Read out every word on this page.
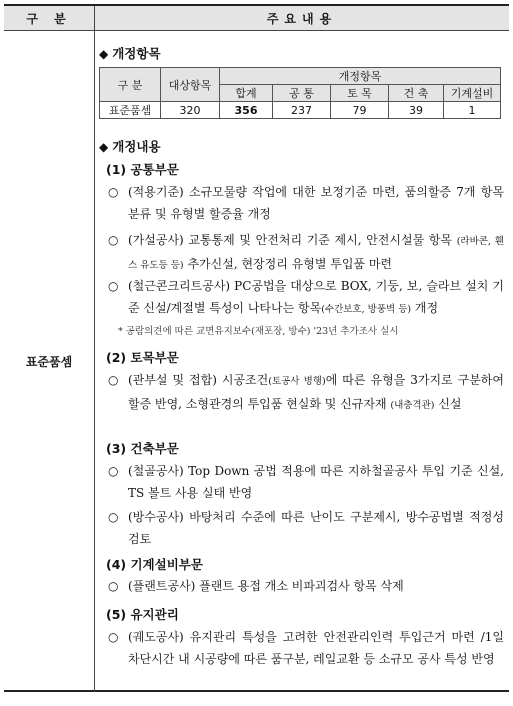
구 분	주요내용
표준품셈
◆ 개정항목
구 분	대상항목	개정항목				
		합계	공 통	토 목	건 축	기계설비
표준품셈	320	356	237	79	39	1
◆ 개정내용
(1) 공통부문
○ (적용기준) 소규모물량 작업에 대한 보정기준 마련, 품의할증 7개 항목 분류 및 유형별 할증율 개정
○ (가설공사) 교통통제 및 안전처리 기준 제시, 안전시설물 항목 (라바콘, 휀스 유도등 등) 추가신설, 현장정리 유형별 투입품 마련
○ (철근콘크리트공사) PC공법을 대상으로 BOX, 기둥, 보, 슬라브 설치 기준 신설/계절별 특성이 나타나는 항목(수간보호, 방풍벽 등) 개정
* 공람의견에 따른 교면유지보수(재포장, 방수) '23년 추가조사 실시
(2) 토목부문
○ (관부설 및 접합) 시공조건(토공사 병행)에 따른 유형을 3가지로 구분하여 할증 반영, 소형관경의 투입품 현실화 및 신규자재 (내충격관) 신설
(3) 건축부문
○ (철골공사) Top Down 공법 적용에 따른 지하철골공사 투입 기준 신설, TS 볼트 사용 실태 반영
○ (방수공사) 바탕처리 수준에 따른 난이도 구분제시, 방수공법별 적정성 검토
(4) 기계설비부문
○ (플랜트공사) 플랜트 용접 개소 비파괴검사 항목 삭제
(5) 유지관리
○ (궤도공사) 유지관리 특성을 고려한 안전관리인력 투입근거 마련 /1일 차단시간 내 시공량에 따른 품구분, 레일교환 등 소규모 공사 특성 반영
